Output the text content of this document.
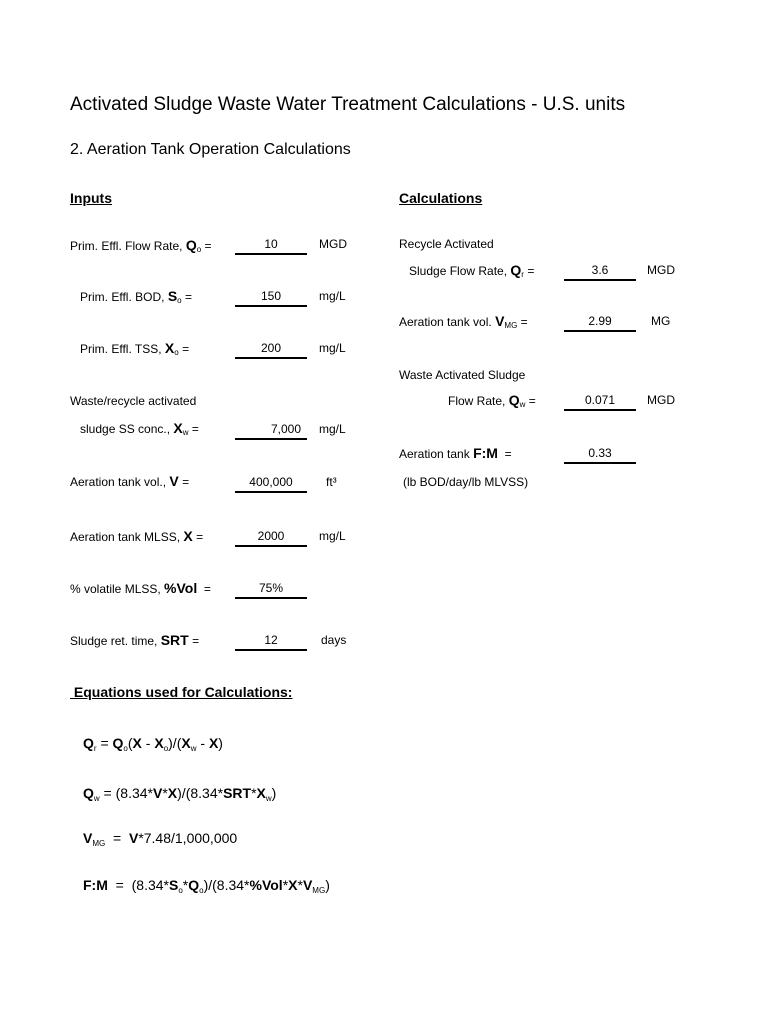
Activated Sludge Waste Water Treatment Calculations - U.S. units
2. Aeration Tank Operation Calculations
Inputs	Calculations
Prim. Effl. Flow Rate, $Q_o$ =	10	MGD
Prim. Effl. BOD, $S_o$ =	150	mg/L
Prim. Effl. TSS, $X_o$ =	200	mg/L
Waste/recycle activated
sludge SS conc., $X_w$ =	7,000	mg/L
Aeration tank vol., V =	400,000	ft³
Aeration tank MLSS, X =	2000	mg/L
% volatile MLSS, %Vol =	75%
Sludge ret. time, SRT =	12	days
Recycle Activated
Sludge Flow Rate, $Q_r$ =	3.6	MGD
Aeration tank vol. $V_{MG}$ =	2.99	MG
Waste Activated Sludge
Flow Rate, $Q_w$ =	0.071	MGD
Aeration tank F:M =	0.33
(lb BOD/day/lb MLVSS)
Equations used for Calculations:
$Q_r = Q_o(X - X_o)/(X_w - X)$
$Q_w = (8.34*V*X)/(8.34*SRT*X_w)$
$V_{MG} = V*7.48/1,000,000$
F:M  =  $(8.34*S_o*Q_o)/(8.34*\%Vol*X*V_{MG})$
